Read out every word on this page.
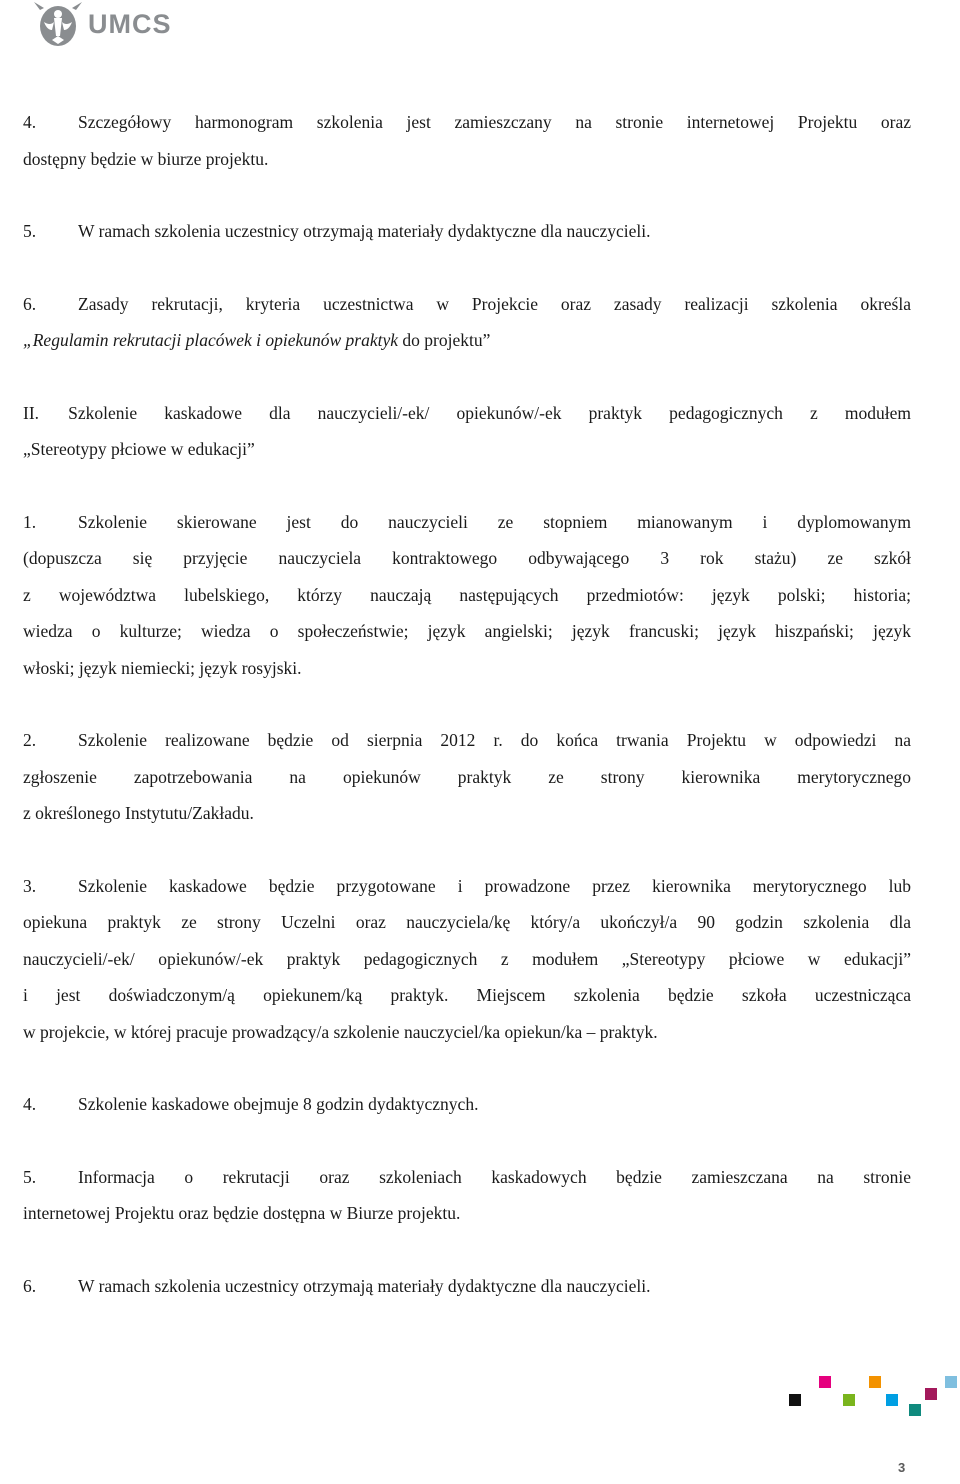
UMCS
4. Szczegółowy harmonogram szkolenia jest zamieszczany na stronie internetowej Projektu oraz
dostępny będzie w biurze projektu.
5. W ramach szkolenia uczestnicy otrzymają materiały dydaktyczne dla nauczycieli.
6. Zasady rekrutacji, kryteria uczestnictwa w Projekcie oraz zasady realizacji szkolenia określa
„Regulamin rekrutacji placówek i opiekunów praktyk do projektu”
II. Szkolenie kaskadowe dla nauczycieli/-ek/ opiekunów/-ek praktyk pedagogicznych z modułem
„Stereotypy płciowe w edukacji”
1. Szkolenie skierowane jest do nauczycieli ze stopniem mianowanym i dyplomowanym
(dopuszcza się przyjęcie nauczyciela kontraktowego odbywającego 3 rok stażu) ze szkół
z województwa lubelskiego, którzy nauczają następujących przedmiotów: język polski; historia;
wiedza o kulturze; wiedza o społeczeństwie; język angielski; język francuski; język hiszpański; język
włoski; język niemiecki; język rosyjski.
2. Szkolenie realizowane będzie od sierpnia 2012 r. do końca trwania Projektu w odpowiedzi na
zgłoszenie zapotrzebowania na opiekunów praktyk ze strony kierownika merytorycznego
z określonego Instytutu/Zakładu.
3. Szkolenie kaskadowe będzie przygotowane i prowadzone przez kierownika merytorycznego lub
opiekuna praktyk ze strony Uczelni oraz nauczyciela/kę który/a ukończył/a 90 godzin szkolenia dla
nauczycieli/-ek/ opiekunów/-ek praktyk pedagogicznych z modułem „Stereotypy płciowe w edukacji”
i jest doświadczonym/ą opiekunem/ką praktyk. Miejscem szkolenia będzie szkoła uczestnicząca
w projekcie, w której pracuje prowadzący/a szkolenie nauczyciel/ka opiekun/ka – praktyk.
4. Szkolenie kaskadowe obejmuje 8 godzin dydaktycznych.
5. Informacja o rekrutacji oraz szkoleniach kaskadowych będzie zamieszczana na stronie
internetowej Projektu oraz będzie dostępna w Biurze projektu.
6. W ramach szkolenia uczestnicy otrzymają materiały dydaktyczne dla nauczycieli.
3
